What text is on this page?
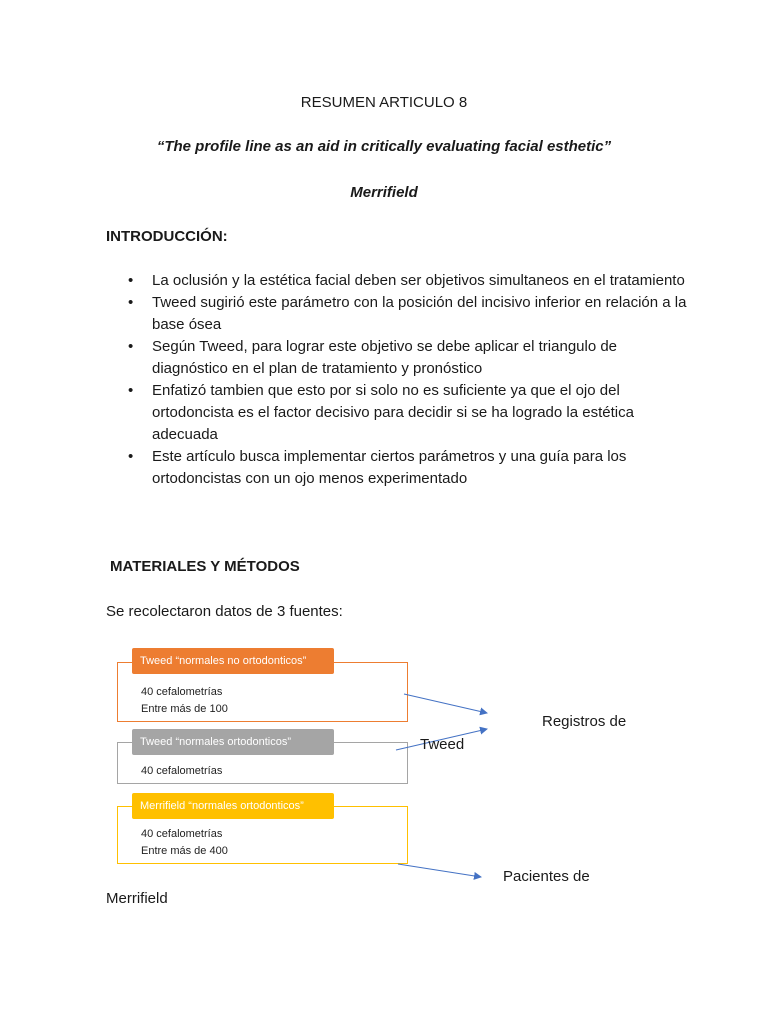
RESUMEN ARTICULO 8
“The profile line as an aid in critically evaluating facial esthetic”
Merrifield
INTRODUCCIÓN:
• La oclusión y la estética facial deben ser objetivos simultaneos en el tratamiento
• Tweed sugirió este parámetro con la posición del incisivo inferior en relación a la base ósea
• Según Tweed, para lograr este objetivo se debe aplicar el triangulo de diagnóstico en el plan de tratamiento y pronóstico
• Enfatizó tambien que esto por si solo no es suficiente ya que el ojo del ortodoncista es el factor decisivo para decidir si se ha logrado la estética adecuada
• Este artículo busca implementar ciertos parámetros y una guía para los ortodoncistas con un ojo menos experimentado
MATERIALES Y MÉTODOS
Se recolectaron datos de 3 fuentes:
Tweed “normales no ortodonticos”
40 cefalometrías
Entre más de 100
Tweed “normales ortodonticos”
40 cefalometrías
Merrifield “normales ortodonticos”
40 cefalometrías
Entre más de 400
Registros de
Tweed
Pacientes de
Merrifield
